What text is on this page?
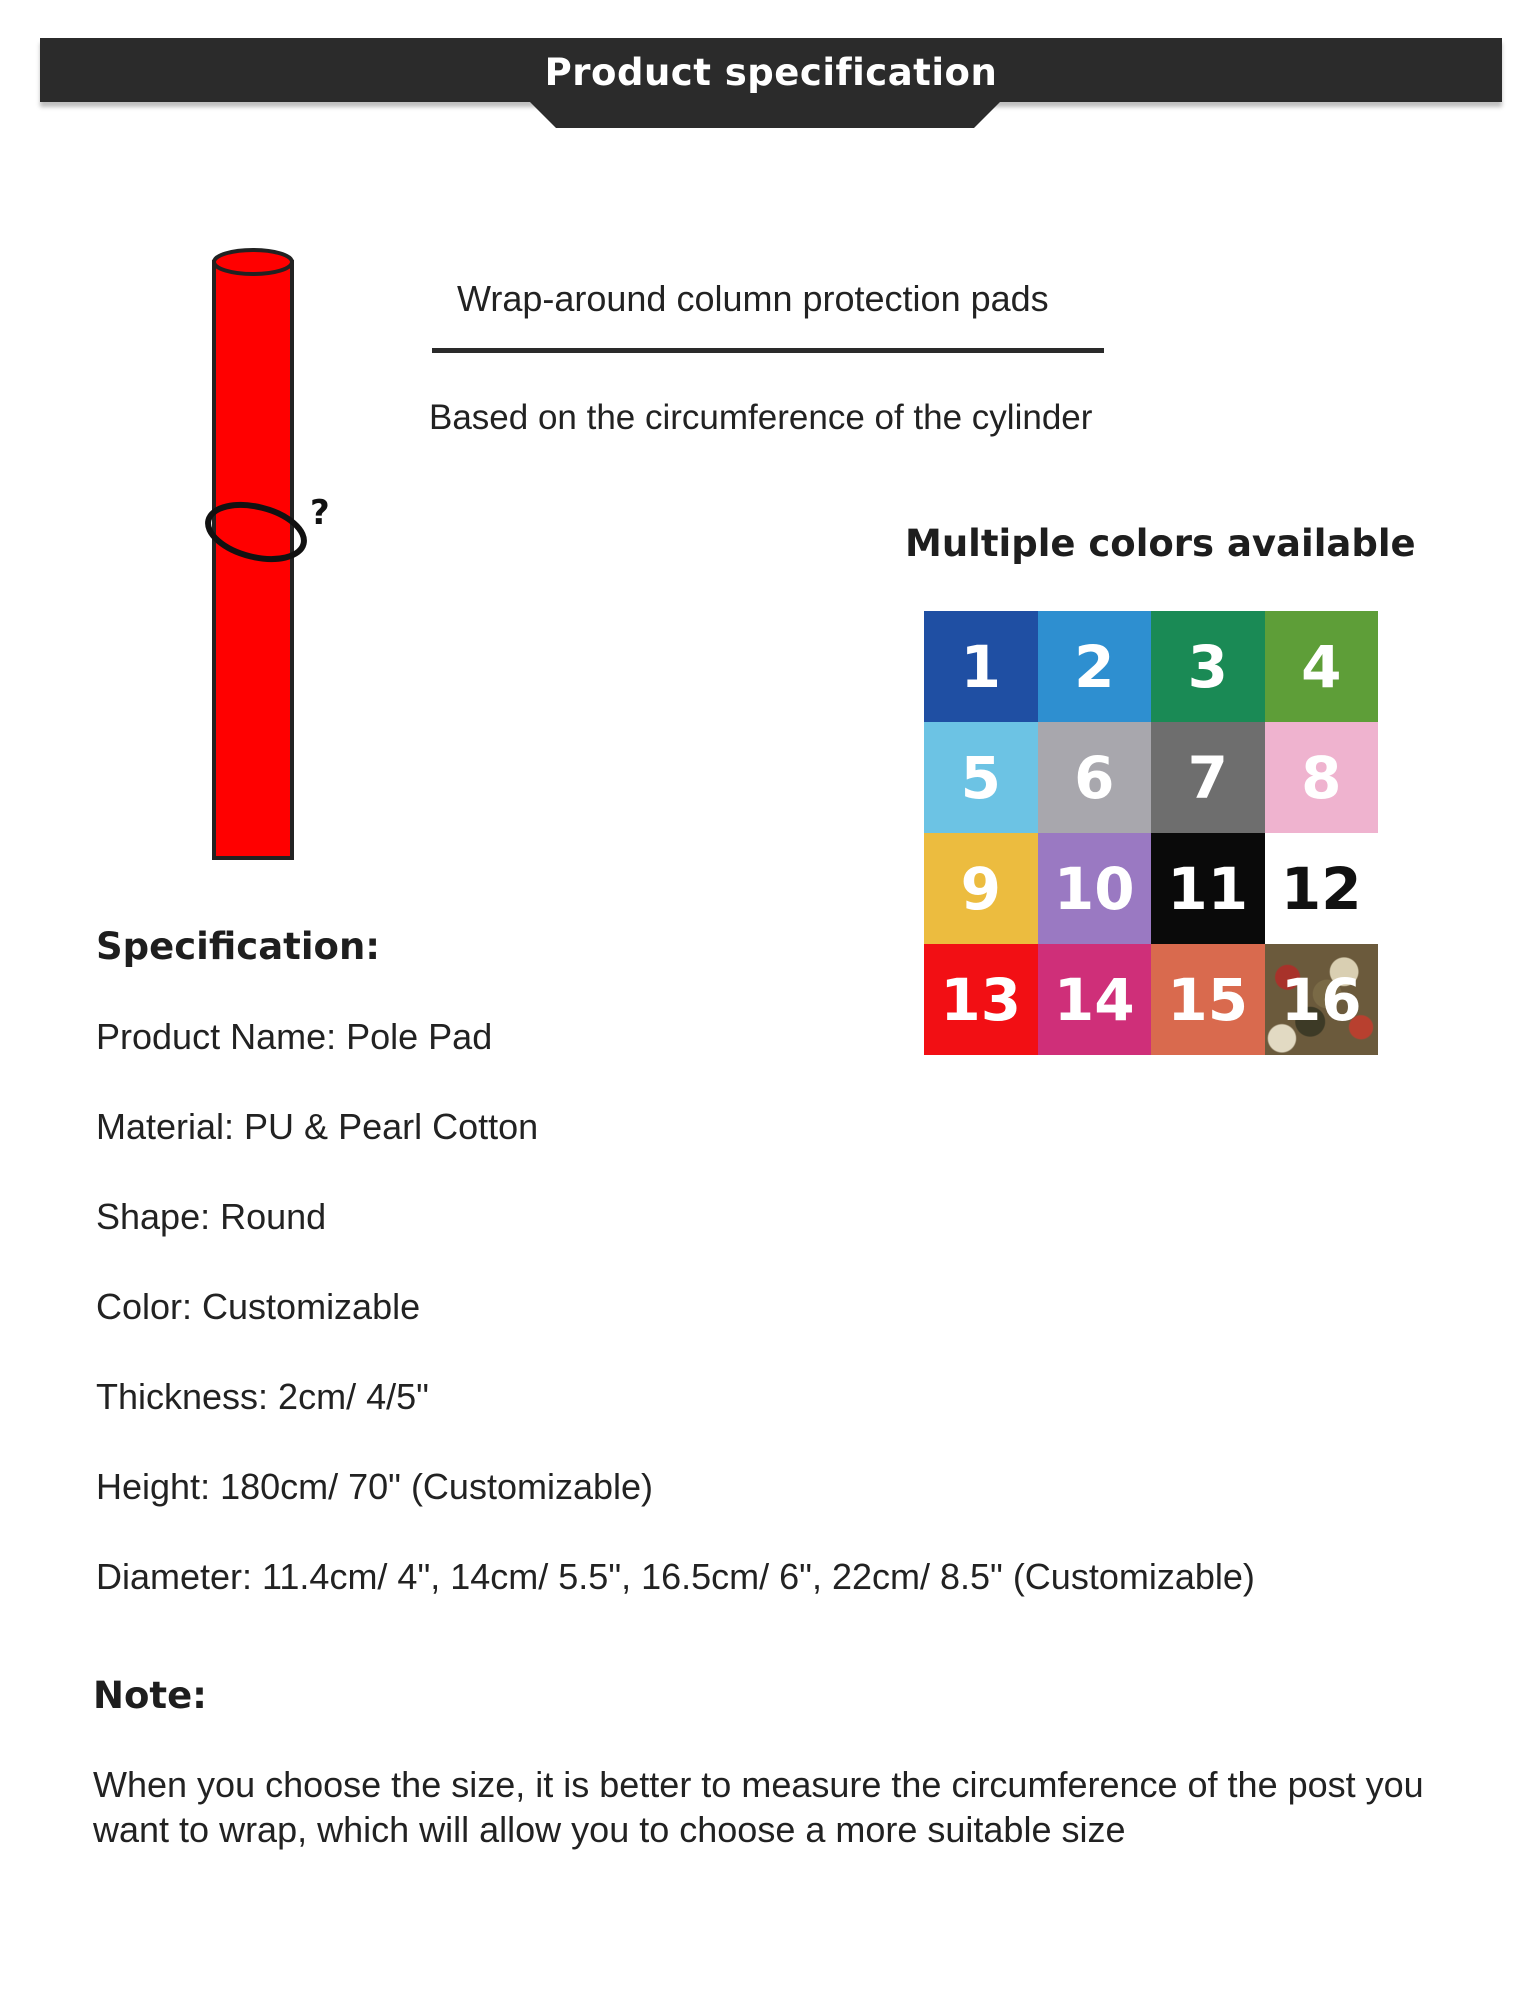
Product specification
?
Wrap-around column protection pads
Based on the circumference of the cylinder
Multiple colors available
1	2	3	4
5	6	7	8
9 10 11 12
13 14 15 16
Specification:
Product Name: Pole Pad
Material: PU & Pearl Cotton
Shape: Round
Color: Customizable
Thickness: 2cm/ 4/5"
Height: 180cm/ 70" (Customizable)
Diameter: 11.4cm/ 4", 14cm/ 5.5", 16.5cm/ 6", 22cm/ 8.5" (Customizable)
Note:
When you choose the size, it is better to measure the circumference of the post you want to wrap, which will allow you to choose a more suitable size
